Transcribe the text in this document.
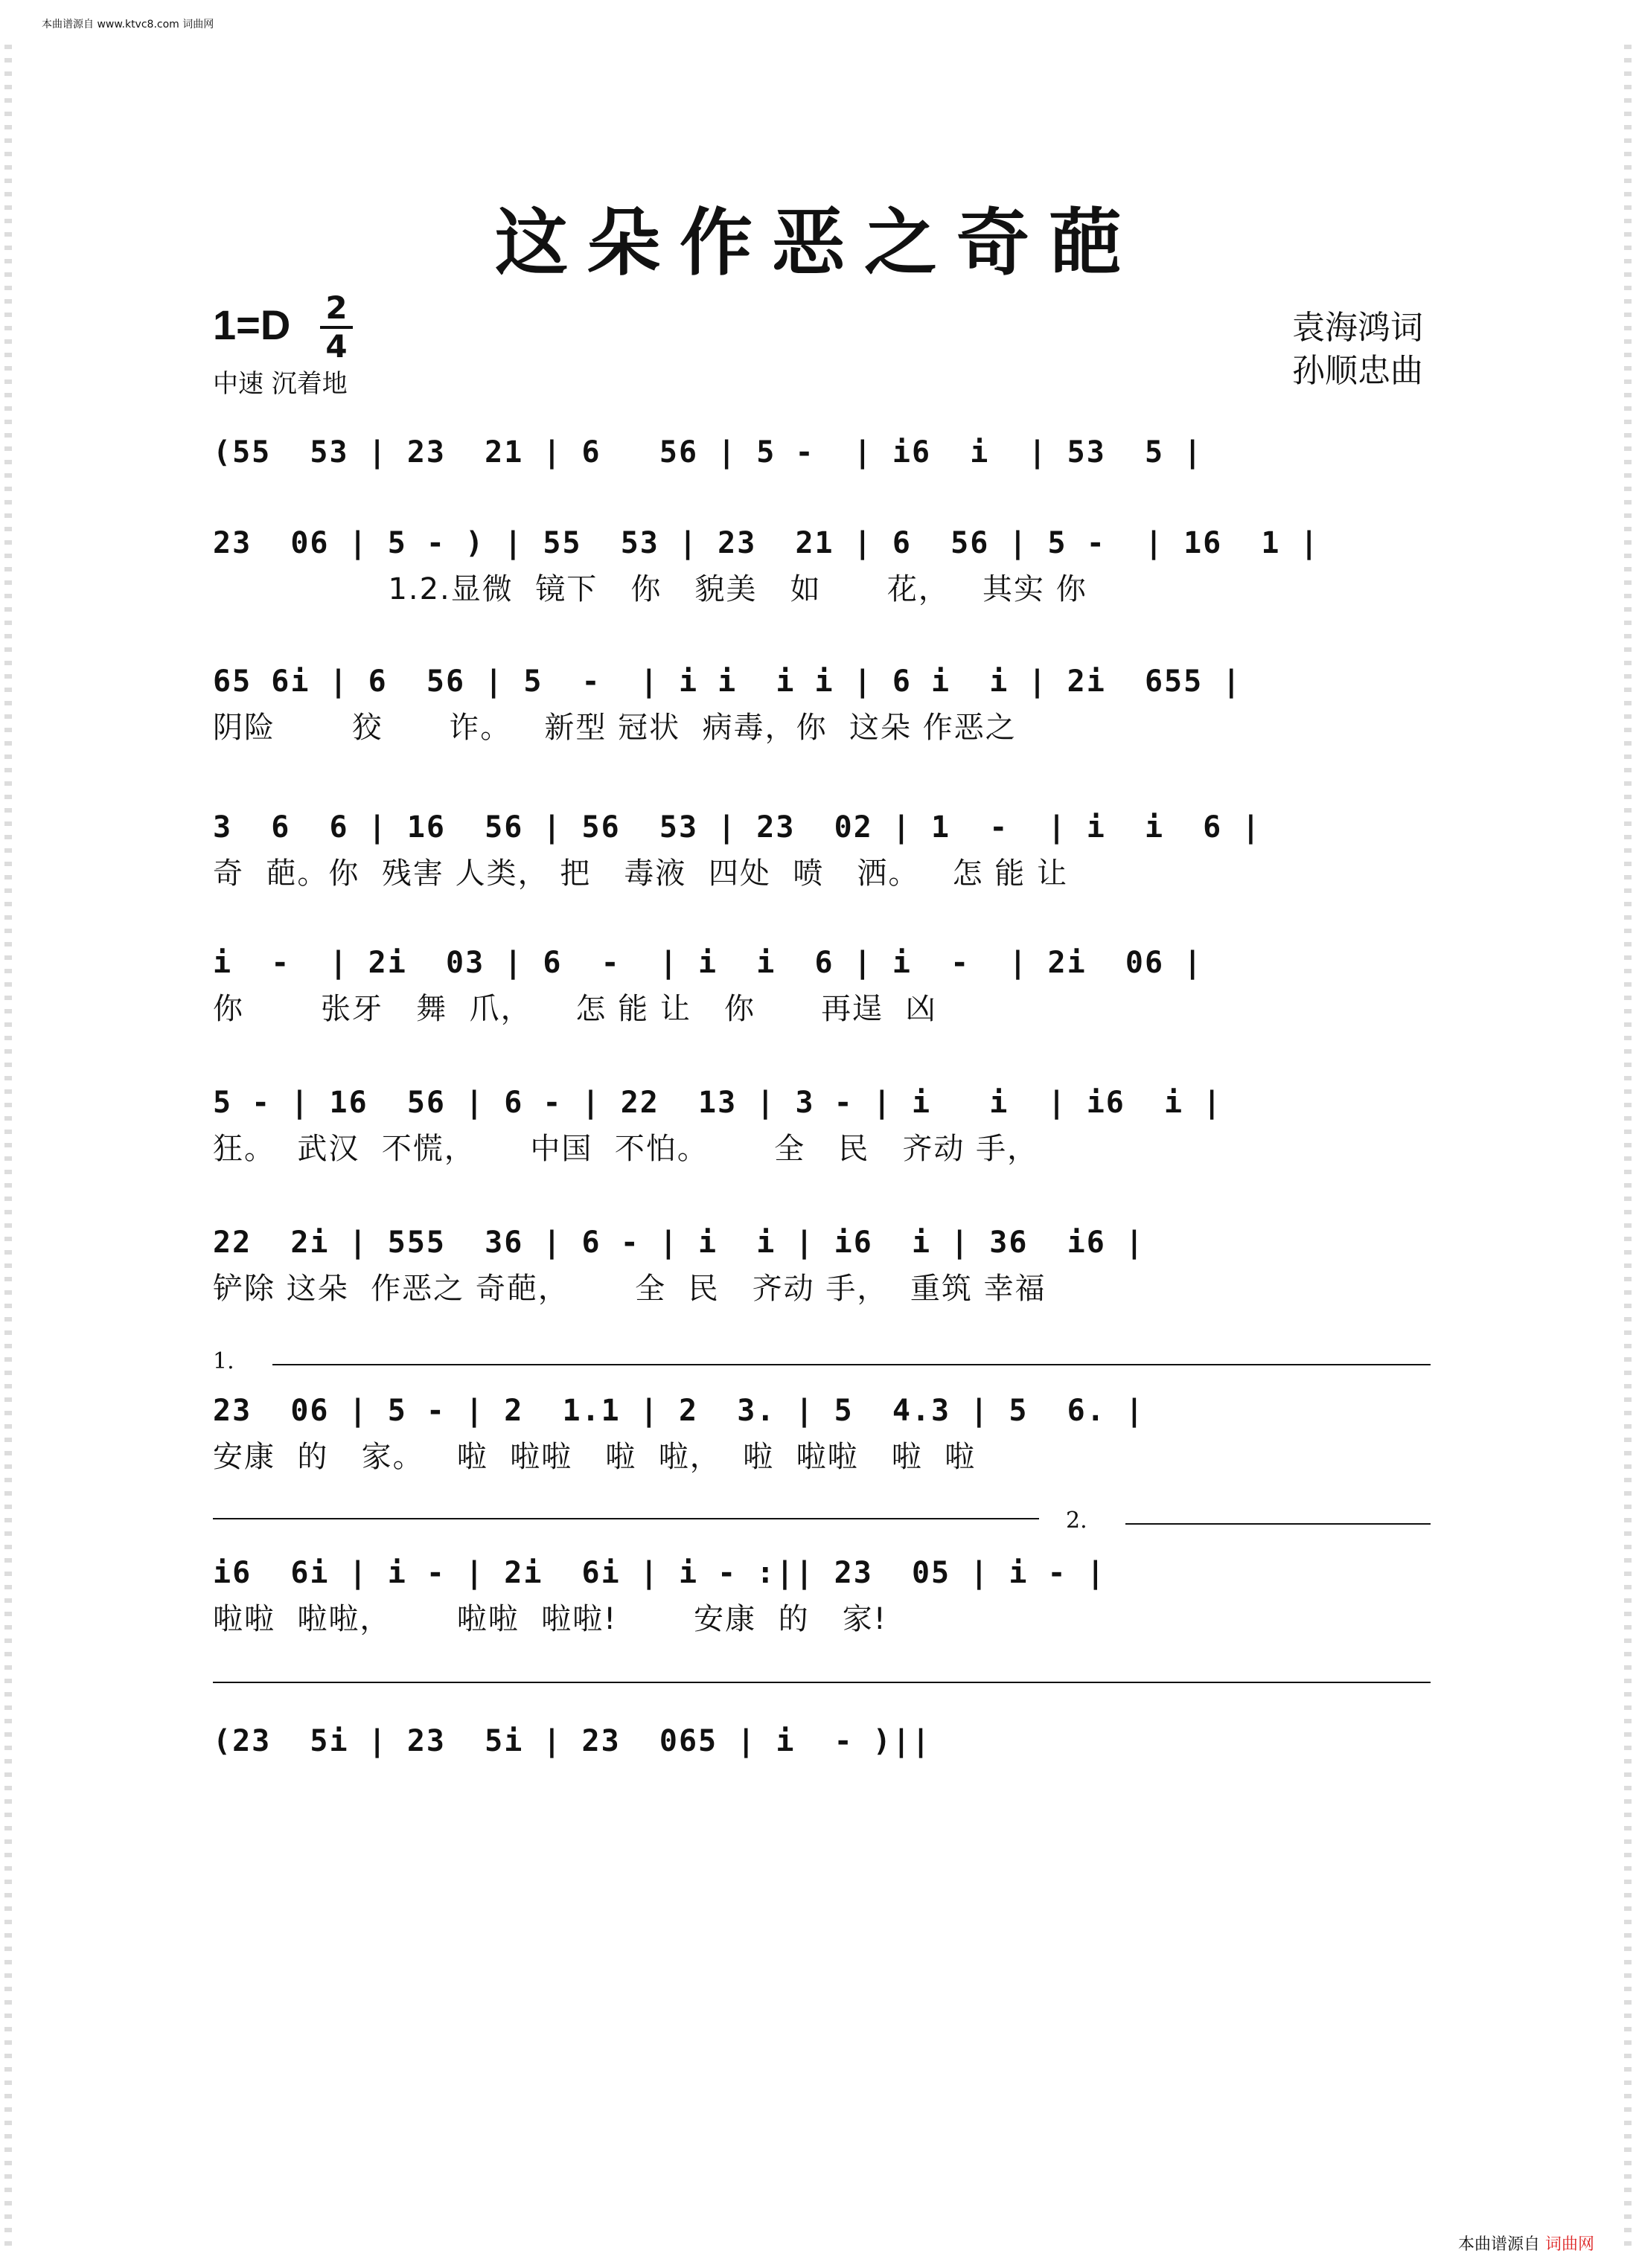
本曲谱源自 www.ktvc8.com 词曲网
这朵作恶之奇葩
1=D 2
4
中速 沉着地
袁海鸿词
孙顺忠曲
(55  53 | 23  21 | 6   56 | 5 -  | i6  i  | 53  5 |
23  06 | 5 - ) | 55  53 | 23  21 | 6  56 | 5 -  | 16  1 |
1.2.显微  镜下   你   貌美   如      花，   其实 你
65 6i | 6  56 | 5  -  | i i  i i | 6 i  i | 2i  655 |
阴险       狡      诈。   新型 冠状  病毒，你  这朵 作恶之
3  6  6 | 16  56 | 56  53 | 23  02 | 1  -  | i  i  6 |
奇  葩。你  残害 人类， 把   毒液  四处  喷   洒。   怎 能 让
i  -  | 2i  03 | 6  -  | i  i  6 | i  -  | 2i  06 |
你       张牙   舞  爪，    怎 能 让   你      再逞  凶
5 - | 16  56 | 6 - | 22  13 | 3 - | i   i  | i6  i |
狂。  武汉  不慌，     中国  不怕。      全   民   齐动 手，
22  2i | 555  36 | 6 - | i  i | i6  i | 36  i6 |
铲除 这朵  作恶之 奇葩，      全  民   齐动 手，  重筑 幸福
1.
23  06 | 5 - | 2  1.1 | 2  3. | 5  4.3 | 5  6. |
安康  的   家。   啦  啦啦   啦  啦，  啦  啦啦   啦  啦
2.
i6  6i | i - | 2i  6i | i - :|| 23  05 | i - |
啦啦  啦啦，      啦啦  啦啦!       安康  的   家!
(23  5i | 23  5i | 23  065 | i  - )||
本曲谱源自 词曲网
